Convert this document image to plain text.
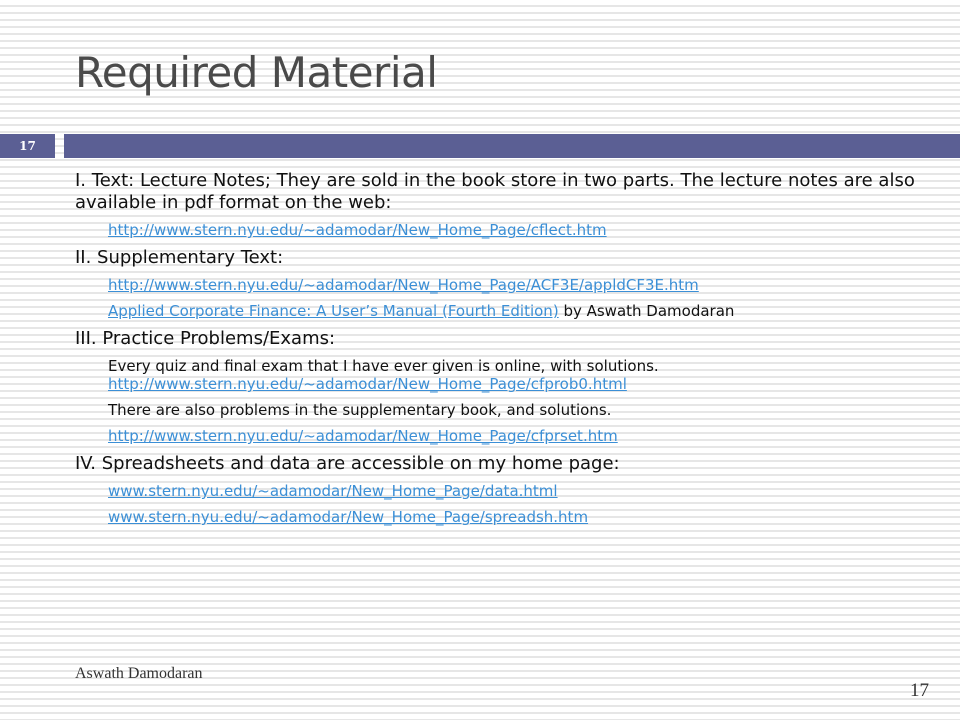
Required Material
17
I. Text: Lecture Notes; They are sold in the book store in two parts. The lecture notes are also available in pdf format on the web:
http://www.stern.nyu.edu/~adamodar/New_Home_Page/cflect.htm
II. Supplementary Text:
http://www.stern.nyu.edu/~adamodar/New_Home_Page/ACF3E/appldCF3E.htm
Applied Corporate Finance: A User’s Manual (Fourth Edition) by Aswath Damodaran
III. Practice Problems/Exams:
Every quiz and final exam that I have ever given is online, with solutions.
http://www.stern.nyu.edu/~adamodar/New_Home_Page/cfprob0.html
There are also problems in the supplementary book, and solutions.
http://www.stern.nyu.edu/~adamodar/New_Home_Page/cfprset.htm
IV. Spreadsheets and data are accessible on my home page:
www.stern.nyu.edu/~adamodar/New_Home_Page/data.html
www.stern.nyu.edu/~adamodar/New_Home_Page/spreadsh.htm
Aswath Damodaran
17
